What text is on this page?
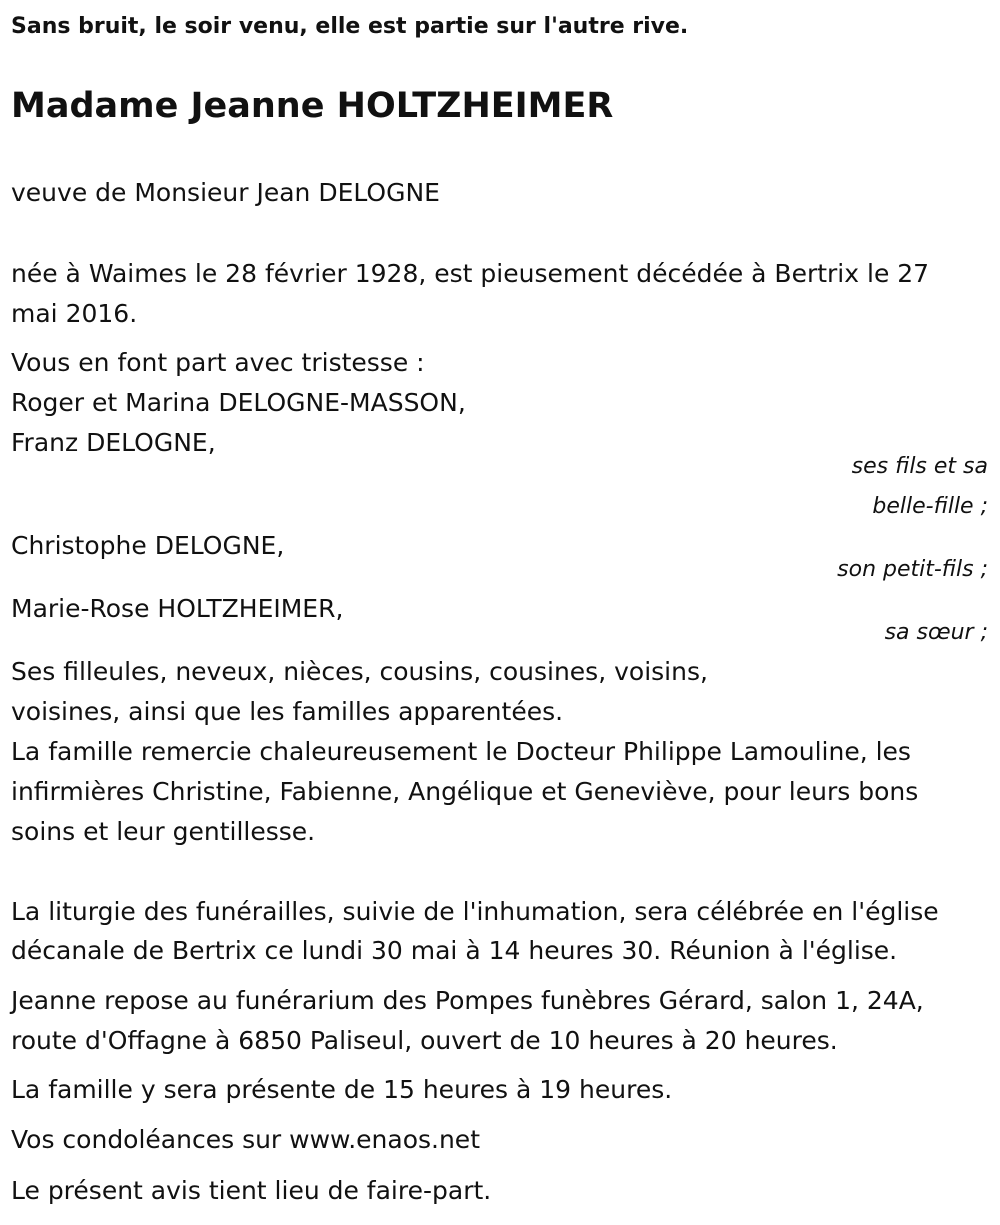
Sans bruit, le soir venu, elle est partie sur l'autre rive.

Madame Jeanne HOLTZHEIMER

veuve de Monsieur Jean DELOGNE

née à Waimes le 28 février 1928, est pieusement décédée à Bertrix le 27

mai 2016.

Vous en font part avec tristesse :

Roger et Marina DELOGNE-MASSON,

Franz DELOGNE,

ses fils et sa

belle-fille ;

Christophe DELOGNE,

son petit-fils ;

Marie-Rose HOLTZHEIMER,

sa sœur ;

Ses filleules, neveux, nièces, cousins, cousines, voisins,

voisines, ainsi que les familles apparentées.

La famille remercie chaleureusement le Docteur Philippe Lamouline, les

infirmières Christine, Fabienne, Angélique et Geneviève, pour leurs bons

soins et leur gentillesse.

La liturgie des funérailles, suivie de l'inhumation, sera célébrée en l'église

décanale de Bertrix ce lundi 30 mai à 14 heures 30. Réunion à l'église.

Jeanne repose au funérarium des Pompes funèbres Gérard, salon 1, 24A,

route d'Offagne à 6850 Paliseul, ouvert de 10 heures à 20 heures.

La famille y sera présente de 15 heures à 19 heures.

Vos condoléances sur www.enaos.net

Le présent avis tient lieu de faire-part.
